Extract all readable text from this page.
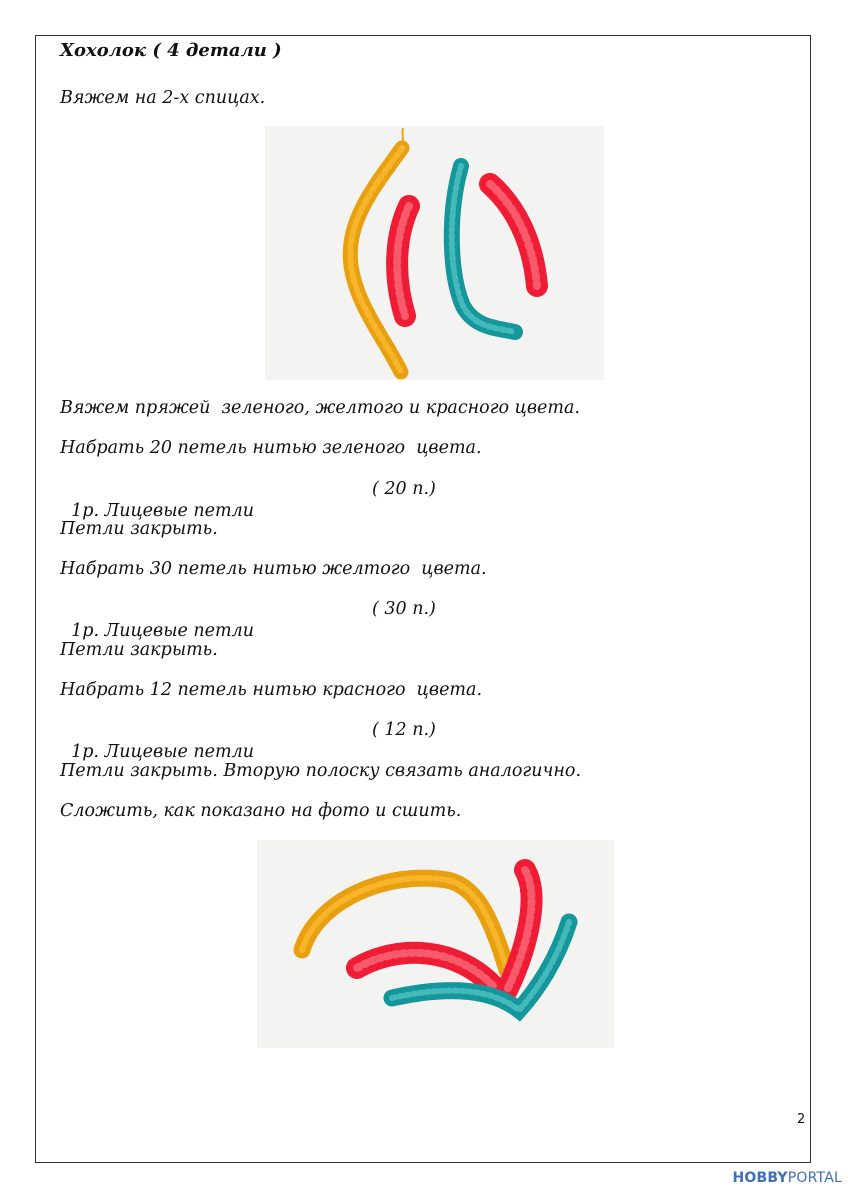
Хохолок ( 4 детали )
Вяжем на 2-х спицах.
Вяжем пряжей  зеленого, желтого и красного цвета.
Набрать 20 петель нитью зеленого  цвета.

1р. Лицевые петли

( 20 п.)

Петли закрыть.
Набрать 30 петель нитью желтого  цвета.

1р. Лицевые петли

( 30 п.)

Петли закрыть.
Набрать 12 петель нитью красного  цвета.

1р. Лицевые петли

( 12 п.)

Петли закрыть. Вторую полоску связать аналогично.
Сложить, как показано на фото и сшить.
2
HOBBYPORTAL
